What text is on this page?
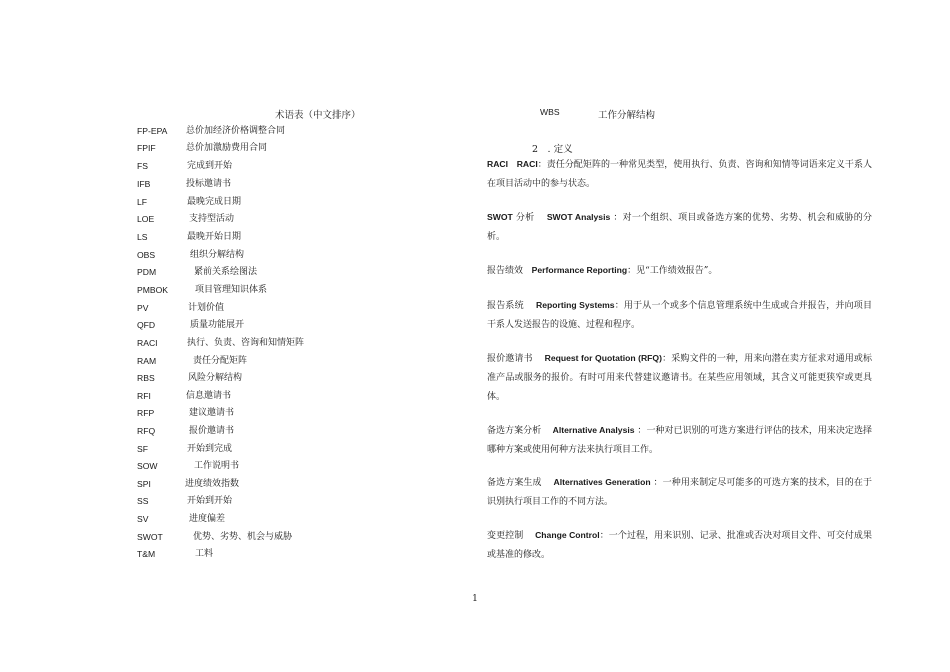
术语表（中文排序）
FP-EPA 总价加经济价格调整合同
FPIF	总价加激励费用合同
FS	完成到开始
IFB	投标邀请书
LF	最晚完成日期
LOE	支持型活动
LS	最晚开始日期
OBS	组织分解结构
PDM	紧前关系绘图法
PMBOK	项目管理知识体系
PV	计划价值
QFD	质量功能展开
RACI	执行、负责、咨询和知情矩阵
RAM	责任分配矩阵
RBS	风险分解结构
RFI	信息邀请书
RFP	建议邀请书
RFQ	报价邀请书
SF	开始到完成
SOW	工作说明书
SPI	进度绩效指数
SS	开始到开始
SV	进度偏差
SWOT	优势、劣势、机会与威胁
T&M	工料
WBS	工作分解结构
2　. 定义
RACI RACI：责任分配矩阵的一种常见类型，使用执行、负责、咨询和知情等词语来定义干系人在项目活动中的参与状态。
SWOT 分析    SWOT Analysis ：对一个组织、项目或备选方案的优势、劣势、机会和威胁的分析。
报告绩效 Performance Reporting：见“工作绩效报告”。
报告系统 Reporting Systems：用于从一个或多个信息管理系统中生成或合并报告，并向项目干系人发送报告的设施、过程和程序。
报价邀请书 Request for Quotation (RFQ)：采购文件的一种，用来向潜在卖方征求对通用或标准产品或服务的报价。有时可用来代替建议邀请书。在某些应用领域，其含义可能更狭窄或更具体。
备选方案分析 Alternative Analysis ：一种对已识别的可选方案进行评估的技术，用来决定选择哪种方案或使用何种方法来执行项目工作。
备选方案生成 Alternatives Generation ：一种用来制定尽可能多的可选方案的技术，目的在于识别执行项目工作的不同方法。
变更控制 Change Control：一个过程，用来识别、记录、批准或否决对项目文件、可交付成果或基准的修改。
1
